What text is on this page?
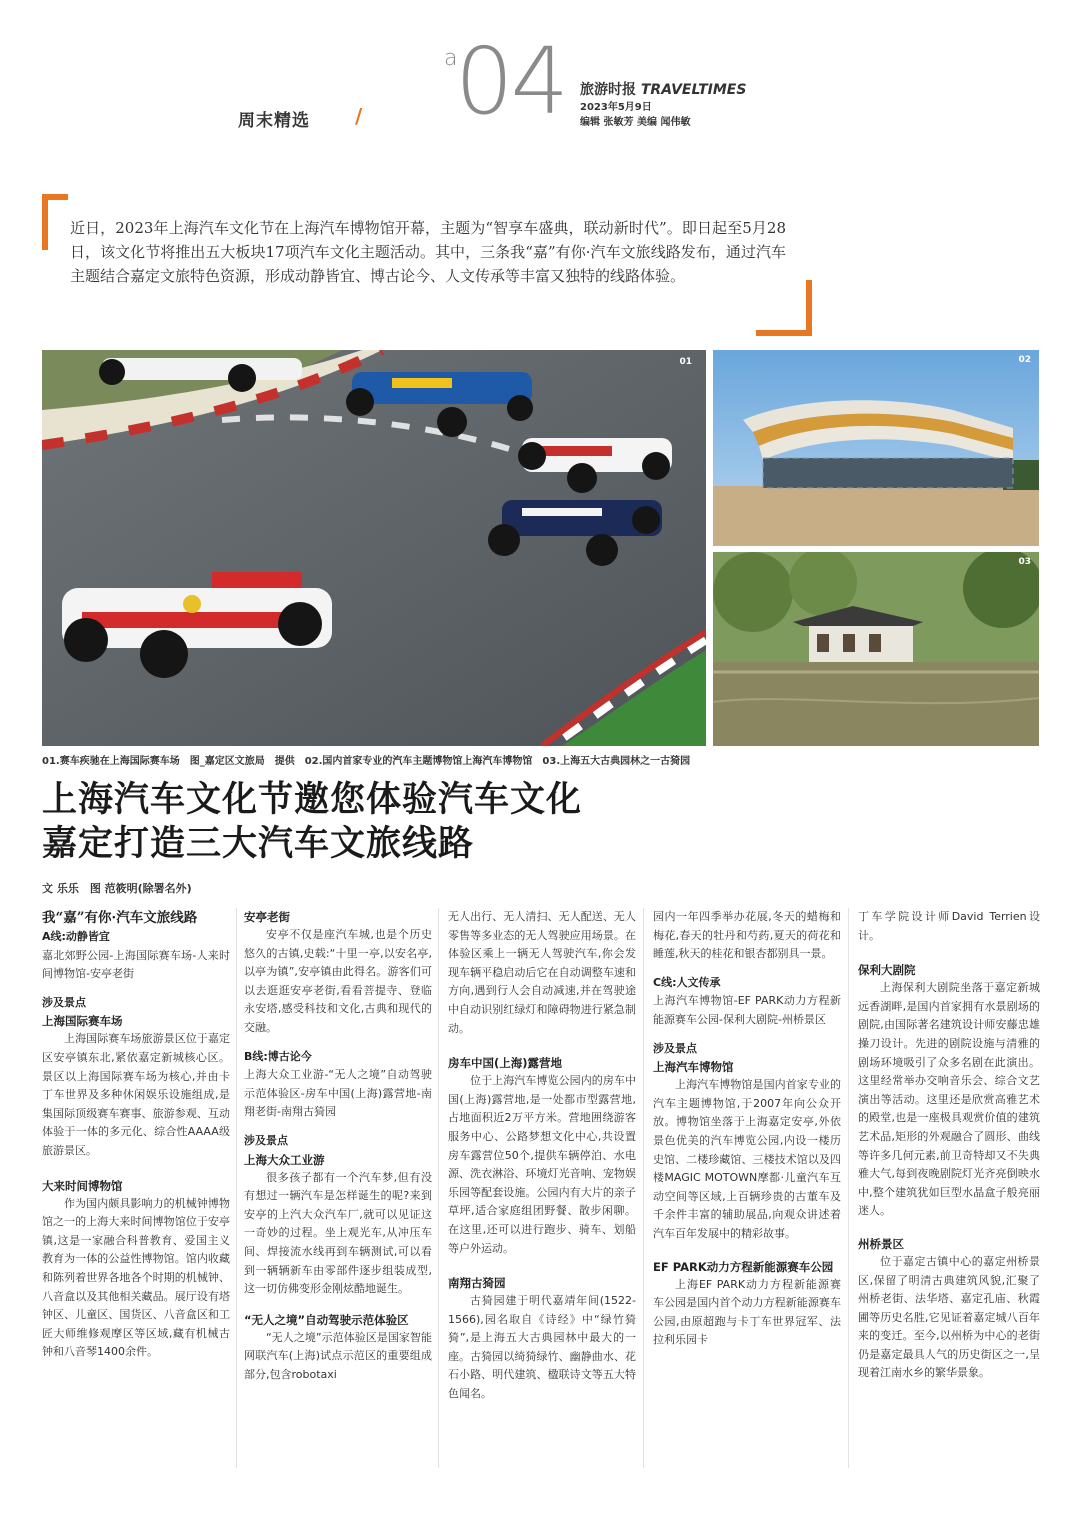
周末精选 /
a
04 旅游时报 TRAVELTIMES
2023年5月9日
编辑 张敏芳 美编 闻伟敏
近日，2023年上海汽车文化节在上海汽车博物馆开幕，主题为“智享车盛典，联动新时代”。即日起至5月28日，该文化节将推出五大板块17项汽车文化主题活动。其中，三条我“嘉”有你·汽车文旅线路发布，通过汽车主题结合嘉定文旅特色资源，形成动静皆宜、博古论今、人文传承等丰富又独特的线路体验。
01	02
03
01.赛车疾驰在上海国际赛车场　图_嘉定区文旅局　提供　02.国内首家专业的汽车主题博物馆上海汽车博物馆　03.上海五大古典园林之一古猗园
上海汽车文化节邀您体验汽车文化
嘉定打造三大汽车文旅线路
文 乐乐　图 范筱明(除署名外)
我“嘉”有你·汽车文旅线路
A线:动静皆宜

嘉北郊野公园-上海国际赛车场-人来时间博物馆-安亭老街

涉及景点
上海国际赛车场

上海国际赛车场旅游景区位于嘉定区安亭镇东北,紧依嘉定新城核心区。景区以上海国际赛车场为核心,并由卡丁车世界及多种休闲娱乐设施组成,是集国际顶级赛车赛事、旅游参观、互动体验于一体的多元化、综合性AAAA级旅游景区。

大来时间博物馆

作为国内颇具影响力的机械钟博物馆之一的上海大来时间博物馆位于安亭镇,这是一家融合科普教育、爱国主义教育为一体的公益性博物馆。馆内收藏和陈列着世界各地各个时期的机械钟、八音盒以及其他相关藏品。展厅设有塔钟区、儿童区、国货区、八音盒区和工匠大师维修观摩区等区域,藏有机械古钟和八音琴1400余件。

安亭老街

安亭不仅是座汽车城,也是个历史悠久的古镇,史载:“十里一亭,以安名亭,以亭为镇”,安亭镇由此得名。游客们可以去逛逛安亭老街,看看菩提寺、登临永安塔,感受科技和文化,古典和现代的交融。

B线:博古论今

上海大众工业游-“无人之境”自动驾驶示范体验区-房车中国(上海)露营地-南翔老街-南翔古猗园

涉及景点
上海大众工业游

很多孩子都有一个汽车梦,但有没有想过一辆汽车是怎样诞生的呢?来到安亭的上汽大众汽车厂,就可以见证这一奇妙的过程。坐上观光车,从冲压车间、焊接流水线再到车辆测试,可以看到一辆辆新车由零部件逐步组装成型,这一切仿佛变形金刚炫酷地诞生。

“无人之境”自动驾驶示范体验区

“无人之境”示范体验区是国家智能网联汽车(上海)试点示范区的重要组成部分,包含robotaxi

无人出行、无人清扫、无人配送、无人零售等多业态的无人驾驶应用场景。在体验区乘上一辆无人驾驶汽车,你会发现车辆平稳启动后它在自动调整车速和方向,遇到行人会自动减速,并在驾驶途中自动识别红绿灯和障碍物进行紧急制动。

房车中国(上海)露营地

位于上海汽车博览公园内的房车中国(上海)露营地,是一处都市型露营地,占地面积近2万平方米。营地囲绕游客服务中心、公路梦想文化中心,共设置房车露营位50个,提供车辆停泊、水电源、洗衣淋浴、环境灯光音响、宠物娱乐园等配套设施。公园内有大片的亲子草坪,适合家庭组团野餐、散步闲聊。在这里,还可以进行跑步、骑车、划船等户外运动。

南翔古猗园

古猗园建于明代嘉靖年间(1522-1566),园名取自《诗经》中“绿竹猗猗”,是上海五大古典园林中最大的一座。古猗园以绮猗绿竹、幽静曲水、花石小路、明代建筑、楹联诗文等五大特色闻名。

园内一年四季举办花展,冬天的蜡梅和梅花,春天的牡丹和芍药,夏天的荷花和睡莲,秋天的桂花和银杏都别具一景。

C线:人文传承

上海汽车博物馆-EF PARK动力方程新能源赛车公园-保利大剧院-州桥景区

涉及景点
上海汽车博物馆

上海汽车博物馆是国内首家专业的汽车主题博物馆,于2007年向公众开放。博物馆坐落于上海嘉定安亭,外依景色优美的汽车博览公园,内设一楼历史馆、二楼珍藏馆、三楼技术馆以及四楼MAGIC MOTOWN摩都·儿童汽车互动空间等区域,上百辆珍贵的古董车及千余件丰富的辅助展品,向观众讲述着汽车百年发展中的精彩故事。

EF PARK动力方程新能源赛车公园

上海EF PARK动力方程新能源赛车公园是国内首个动力方程新能源赛车公园,由原超跑与卡丁车世界冠军、法拉利乐园卡

丁车学院设计师David Terrien设计。

保利大剧院

上海保利大剧院坐落于嘉定新城远香湖畔,是国内首家拥有水景剧场的剧院,由国际著名建筑设计师安藤忠雄操刀设计。先进的剧院设施与清雅的剧场环境吸引了众多名剧在此演出。这里经常举办交响音乐会、综合文艺演出等活动。这里还是欣赏高雅艺术的殿堂,也是一座极具观赏价值的建筑艺术品,矩形的外观融合了圆形、曲线等许多几何元素,前卫奇特却又不失典雅大气,每到夜晚剧院灯光齐亮倒映水中,整个建筑犹如巨型水晶盒子般亮丽迷人。

州桥景区

位于嘉定古镇中心的嘉定州桥景区,保留了明清古典建筑风貌,汇聚了州桥老街、法华塔、嘉定孔庙、秋霞圃等历史名胜,它见证着嘉定城八百年来的变迁。至今,以州桥为中心的老街仍是嘉定最具人气的历史街区之一,呈现着江南水乡的繁华景象。
